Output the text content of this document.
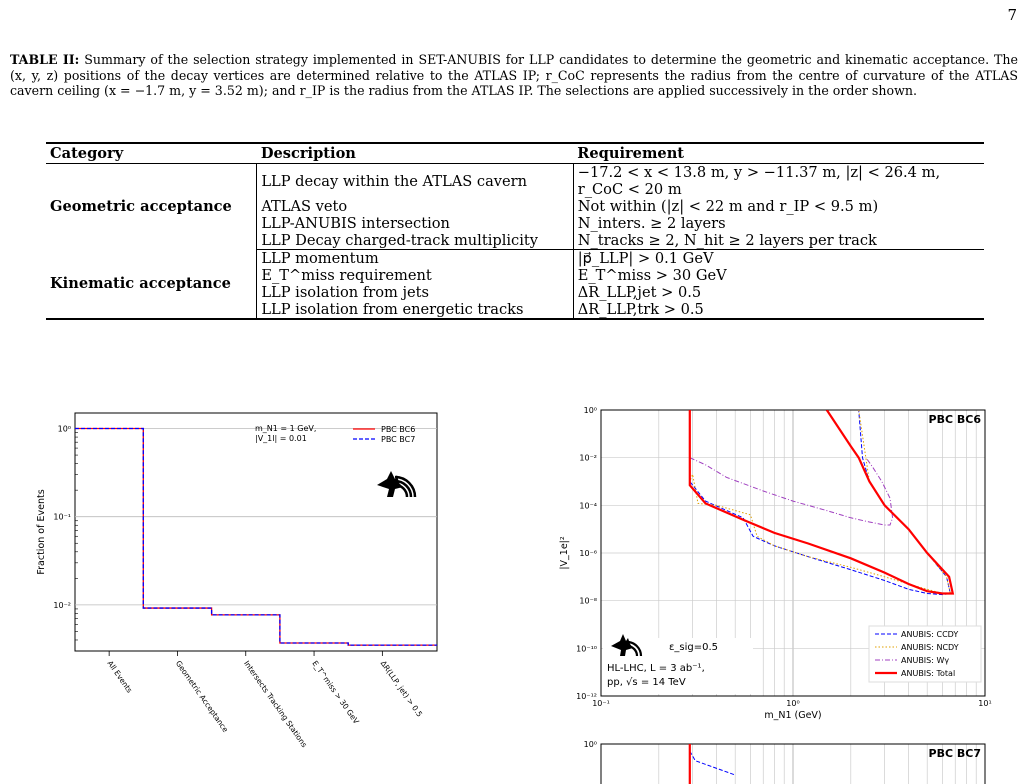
7
TABLE II: Summary of the selection strategy implemented in SET-ANUBIS for LLP candidates to determine the geometric and kinematic acceptance. The (x, y, z) positions of the decay vertices are determined relative to the ATLAS IP; r_CoC represents the radius from the centre of curvature of the ATLAS cavern ceiling (x = −1.7 m, y = 3.52 m); and r_IP is the radius from the ATLAS IP. The selections are applied successively in the order shown.
Category	Description	Requirement
Geometric acceptance	LLP decay within the ATLAS cavern	−17.2 < x < 13.8 m, y > −11.37 m, |z| < 26.4 m,
r_CoC < 20 m

	ATLAS veto	Not within (|z| < 22 m and r_IP < 9.5 m)
	LLP-ANUBIS intersection	N_inters. ≥ 2 layers
	LLP Decay charged-track multiplicity	N_tracks ≥ 2, N_hit ≥ 2 layers per track
Kinematic acceptance	LLP momentum	|p⃗_LLP| > 0.1 GeV
	E_T^miss requirement	E_T^miss > 30 GeV
	LLP isolation from jets	ΔR_LLP,jet > 0.5
	LLP isolation from energetic tracks	ΔR_LLP,trk > 0.5
10⁰
10⁻¹
10⁻²
Fraction of Events
All Events	Geometric Acceptance Intersects Tracking Stations E_T^miss > 30 GeV ΔR(LLP, jet) > 0.5
m_N1 = 1 GeV,
|V_1l| = 0.01
PBC BC6
PBC BC7
10⁰
10⁻²
10⁻⁴
10⁻⁶
10⁻⁸
10⁻¹⁰
10⁻¹²
10⁻¹	10⁰	10¹
m_N1 (GeV)
|V_1e|²
PBC BC6
ANUBIS: CCDY
ANUBIS: NCDY
ANUBIS: Wγ
ANUBIS: Total
ε_sig=0.5
HL-LHC, L = 3 ab⁻¹,
pp, √s = 14 TeV
10⁰
PBC BC7
